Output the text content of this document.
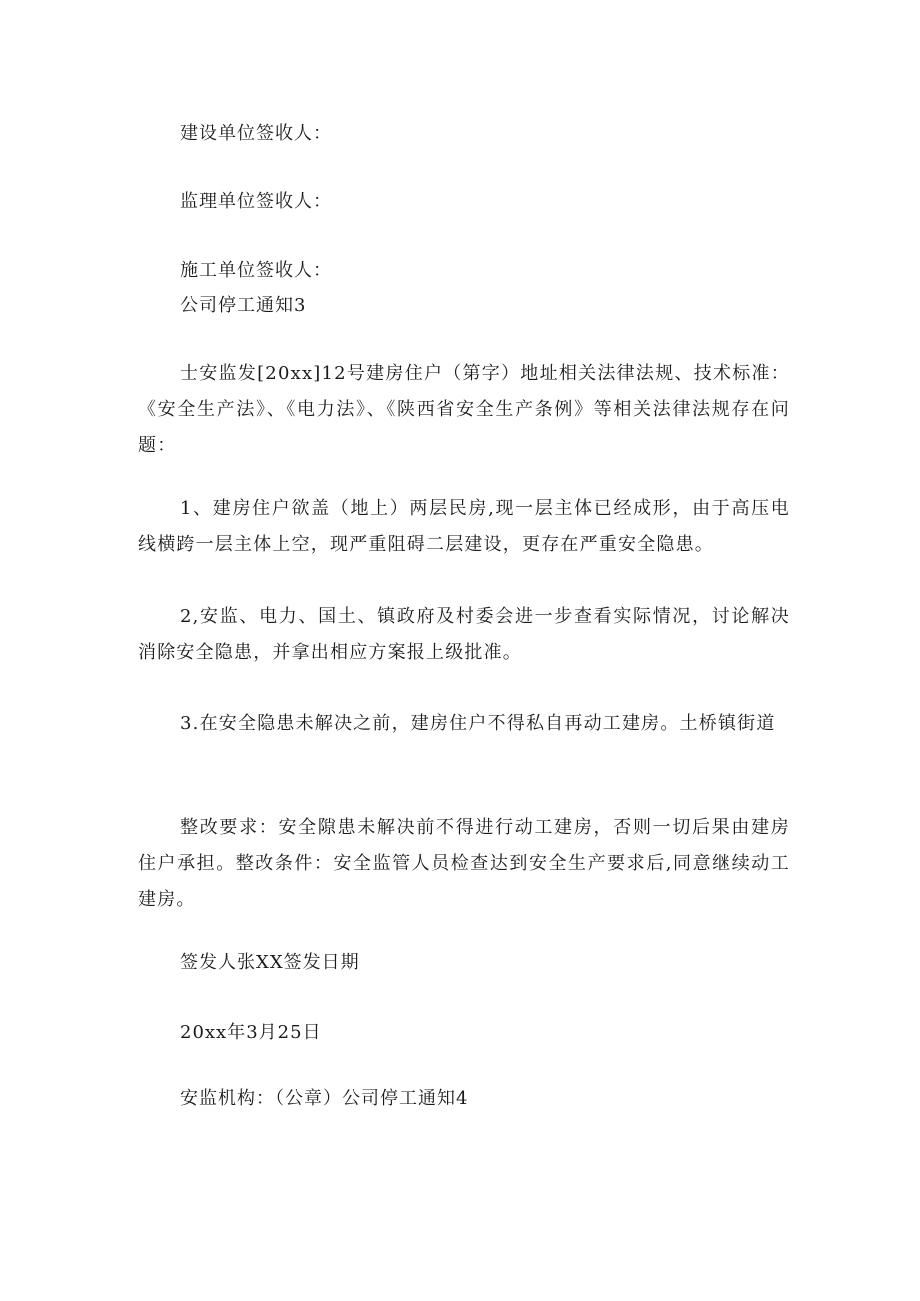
建设单位签收人：
监理单位签收人：
施工单位签收人：
公司停工通知3
士安监发[20xx]12号建房住户（第字）地址相关法律法规、技术标准：《安全生产法》、《电力法》、《陕西省安全生产条例》等相关法律法规存在问题：
1、建房住户欲盖（地上）两层民房,现一层主体已经成形，由于高压电线横跨一层主体上空，现严重阻碍二层建设，更存在严重安全隐患。
2,安监、电力、国土、镇政府及村委会进一步查看实际情况，讨论解决消除安全隐患，并拿出相应方案报上级批准。
3.在安全隐患未解决之前，建房住户不得私自再动工建房。土桥镇街道
整改要求：安全隙患未解决前不得进行动工建房，否则一切后果由建房住户承担。整改条件：安全监管人员检查达到安全生产要求后,同意继续动工建房。
签发人张XX签发日期
20xx年3月25日
安监机构：（公章）公司停工通知4
